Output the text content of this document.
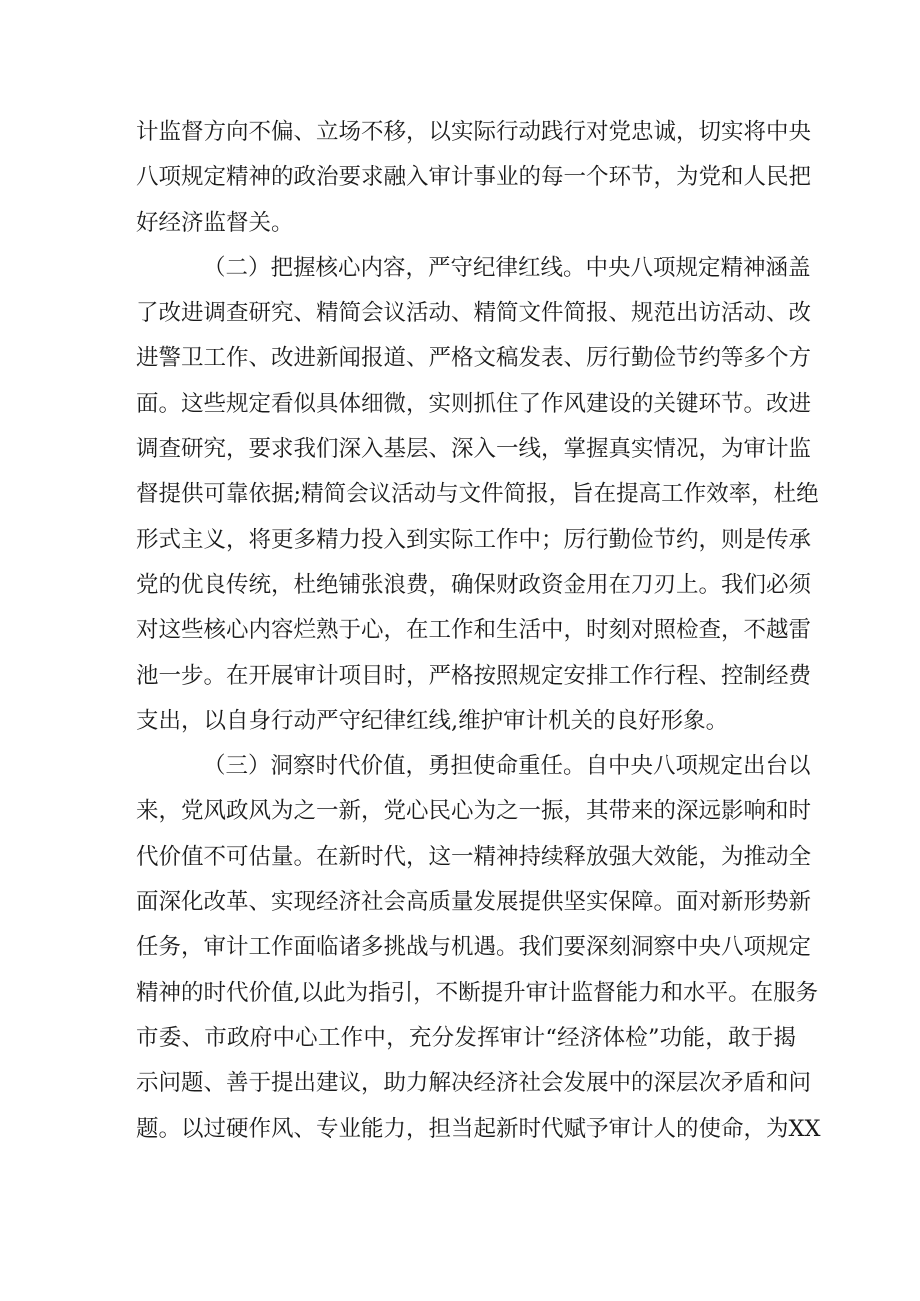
计监督方向不偏、立场不移，以实际行动践行对党忠诚，切实将中央
八项规定精神的政治要求融入审计事业的每一个环节，为党和人民把
好经济监督关。
（二）把握核心内容，严守纪律红线。中央八项规定精神涵盖
了改进调查研究、精简会议活动、精简文件简报、规范出访活动、改
进警卫工作、改进新闻报道、严格文稿发表、厉行勤俭节约等多个方
面。这些规定看似具体细微，实则抓住了作风建设的关键环节。改进
调查研究，要求我们深入基层、深入一线，掌握真实情况，为审计监
督提供可靠依据;精简会议活动与文件简报，旨在提高工作效率，杜绝
形式主义，将更多精力投入到实际工作中；厉行勤俭节约，则是传承
党的优良传统，杜绝铺张浪费，确保财政资金用在刀刃上。我们必须
对这些核心内容烂熟于心，在工作和生活中，时刻对照检查，不越雷
池一步。在开展审计项目时，严格按照规定安排工作行程、控制经费
支出，以自身行动严守纪律红线,维护审计机关的良好形象。
（三）洞察时代价值，勇担使命重任。自中央八项规定出台以
来，党风政风为之一新，党心民心为之一振，其带来的深远影响和时
代价值不可估量。在新时代，这一精神持续释放强大效能，为推动全
面深化改革、实现经济社会高质量发展提供坚实保障。面对新形势新
任务，审计工作面临诸多挑战与机遇。我们要深刻洞察中央八项规定
精神的时代价值,以此为指引，不断提升审计监督能力和水平。在服务
市委、市政府中心工作中，充分发挥审计“经济体检”功能，敢于揭
示问题、善于提出建议，助力解决经济社会发展中的深层次矛盾和问
题。以过硬作风、专业能力，担当起新时代赋予审计人的使命，为XX
